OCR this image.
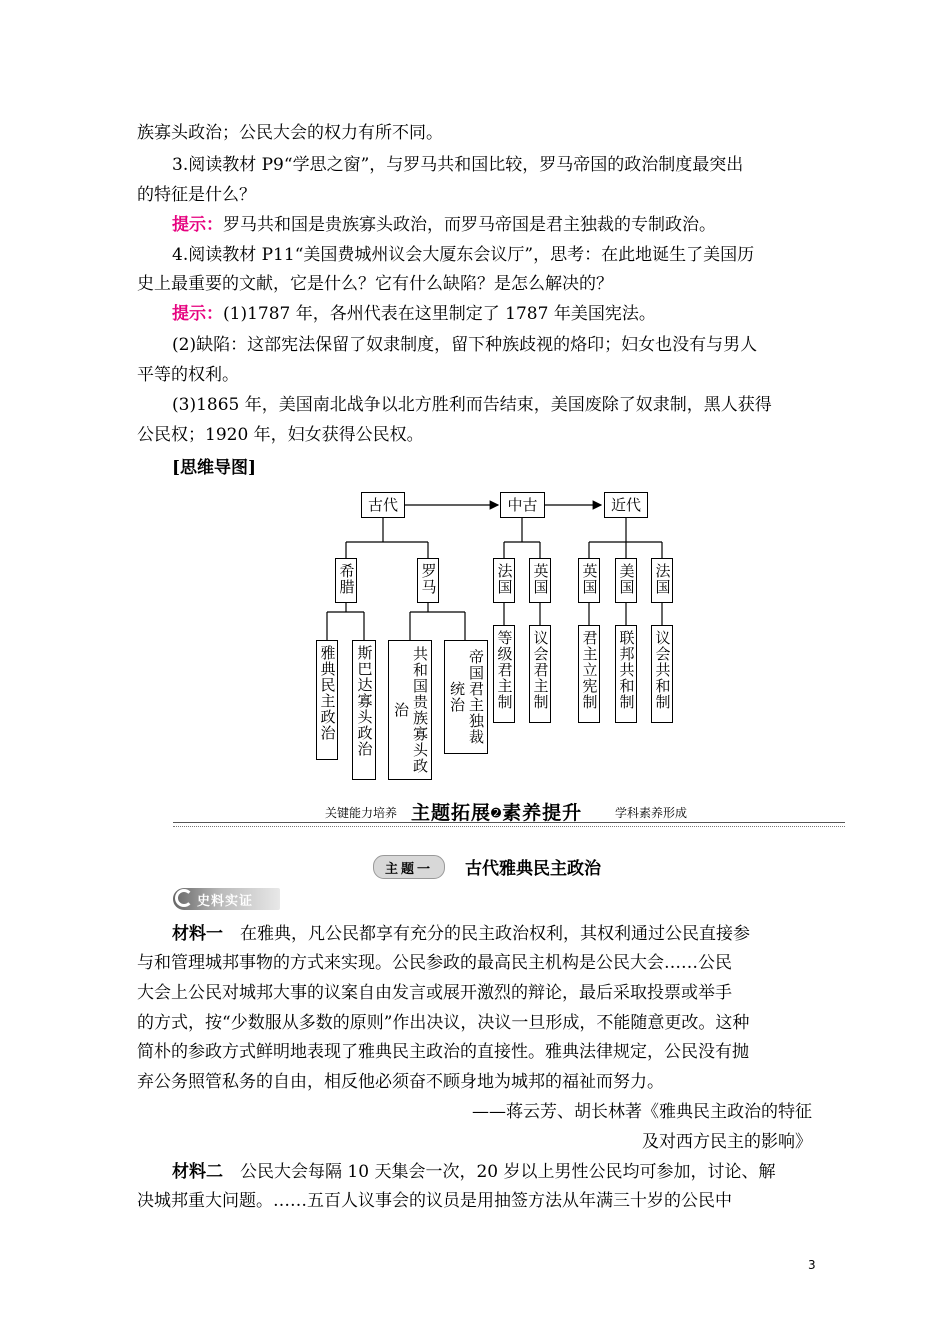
族寡头政治；公民大会的权力有所不同。
3.阅读教材 P9“学思之窗”，与罗马共和国比较，罗马帝国的政治制度最突出
的特征是什么？
提示：罗马共和国是贵族寡头政治，而罗马帝国是君主独裁的专制政治。
4.阅读教材 P11“美国费城州议会大厦东会议厅”，思考：在此地诞生了美国历
史上最重要的文献，它是什么？它有什么缺陷？是怎么解决的？
提示：(1)1787 年，各州代表在这里制定了 1787 年美国宪法。
(2)缺陷：这部宪法保留了奴隶制度，留下种族歧视的烙印；妇女也没有与男人
平等的权利。
(3)1865 年，美国南北战争以北方胜利而告结束，美国废除了奴隶制，黑人获得
公民权；1920 年，妇女获得公民权。
[思维导图]
古代	中古	近代
希腊	罗马	法国 英国 英国 美国 法国
雅典民主政治 斯巴达寡头政治	共和国贵族寡头政治	帝国君主独裁统治	等级君主制 议会君主制 君主立宪制 联邦共和制 议会共和制
关键能力培养 主题拓展➋素养提升	学科素养形成
主题一	古代雅典民主政治
史料实证
材料一 在雅典，凡公民都享有充分的民主政治权利，其权利通过公民直接参
与和管理城邦事物的方式来实现。公民参政的最高民主机构是公民大会……公民
大会上公民对城邦大事的议案自由发言或展开激烈的辩论，最后采取投票或举手
的方式，按“少数服从多数的原则”作出决议，决议一旦形成，不能随意更改。这种
简朴的参政方式鲜明地表现了雅典民主政治的直接性。雅典法律规定，公民没有抛
弃公务照管私务的自由，相反他必须奋不顾身地为城邦的福祉而努力。
——蒋云芳、胡长林著《雅典民主政治的特征
及对西方民主的影响》
材料二 公民大会每隔 10 天集会一次，20 岁以上男性公民均可参加，讨论、解
决城邦重大问题。……五百人议事会的议员是用抽签方法从年满三十岁的公民中
3
